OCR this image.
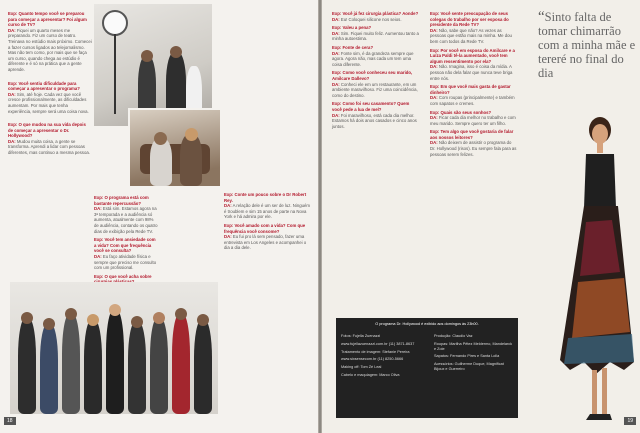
Exp: Quanto tempo você se preparou para começar a apresentar? Foi algum curso de TV?
DA: Fiquei um quarto meses me preparando. Fiz um curso de teatro. Treinava no estúdio mais próximo. Comecei a fazer cursos ligados ao telejornalismo. Mas não tem como, por mais que se faça um curso, quando chega ao estúdio é diferente e é só na prática que a gente aprende.
Exp: Você sentiu dificuldade para começar a apresentar o programa?
DA: Sim, até hoje. Cada vez que você cresce profissionalmente, as dificuldades aumentam. Por mais que tenha experiência, sempre será uma coisa nova.
Exp: O que mudou na sua vida depois de começar a apresentar o Dr. Hollywood?
DA: Mudou muita coisa, a gente se transforma. Aprendi a lidar com pessoas diferentes, mas continuo a mesma pessoa.
Exp: O programa está com bastante repercussão?
DA: Está sim. Estamos agora na 3ª temporada e a audiência só aumenta, atualmente com 98% de audiência, contando os quatro dias de exibição pela Rede TV.
Exp: Você tem ansiedade com a vida? Com que frequência você se consulta?
DA: Eu faço atividade física e sempre que preciso me consulto com um profissional.
Exp: O que você acha sobre
Exp: Conte um pouco sobre o Dr Robert Rey.
DA: A relação dele é um ser de luz. Ninguém é troublem e sim 15 anos de parte na Nova York e há admira por ele.
Exp: Você amado com a vida? Com que frequência você consome?
DA: Eu fui pro lá sem pensado, fazer uma entrevista em Los Angeles e acompanhei o dia a dia dele.
18
Exp: Você já fez cirurgia plástica? Aonde?
DA: Eu! Coloquei silicone nos seios.
Exp: Valeu a pena?
DA: Sim. Fiquei muito feliz. Aumentou tanto a minha autoestima.
Exp: Fonte de cera?
DA: Fonte sim, é da grandeza sempre que agora. Agora não, mas cada um tem uma coisa diferente.
Exp: Como você conheceu seu marido, Amilcare Dallevo?
DA: Conheci ele em um restaurante, em um ambiente maravilhoso. Fiz uma coincidência, como do destino.
Exp: Como foi seu casamento? Quem você pede a lua de mel?
DA: Foi maravilhoso, está cada dia melhor. Estamos há dois anos casados e cinco anos juntos.
Exp: Você sente preocupação de seus colegas do trabalho por ser esposa do presidente da Rede TV?
DA: Não, sabe que não? As vezes as pessoas que estão mais na minha. Me dou bem com todos da Rede TV.
Exp: Por você em esposa do Amilcare e a Luíza Paldi tê-la aumentado, você tem algum ressentimento por ela?
DA: Não. Imagina, isso é coisa da mídia. A pessoa não dela falar que nunca teve briga entre nós.
Exp: Em que você mais gasta de gastar dinheiro?
DA: Com roupas (principalmente) e também com sapatos e cremes.
Exp: Quais são seus sonhos?
DA: Ficar cada dia melhor no trabalho e com meu marido. Sempre quero ter um filho.
Exp: Tem algo que você gostaria de falar aos nossos leitores?
DA: Não deixem de assistir o programa do Dr. Hollywood (risos). Eu sempre fala para as pessoas serem felizes.
19
“Sinto falta de tomar chimarrão com a minha mãe e tereré no final do dia
O programa Dr. Hollywood é exibido aos domingos às 23h00.
Fotos: Fujella Zuenazzi
www.fujellazuenazzi.com.br (11) 3871-8637
Tratamento de imagem: Stefanie Pereira
www.sixsensecom.br (11) 8250-5666
Making off: Tom Zé Leal
Cabelo e maquiagem: Marco Oliva
Produção: Claudio Vaz
Roupas: Marilha Pêtez Meldermo, Mandelarck e Zoie
Sapatos: Fernando Pires e Santa Lolla
Acessórios: Guilherme Duque, Magnificat Bijoux e Guerreiro
